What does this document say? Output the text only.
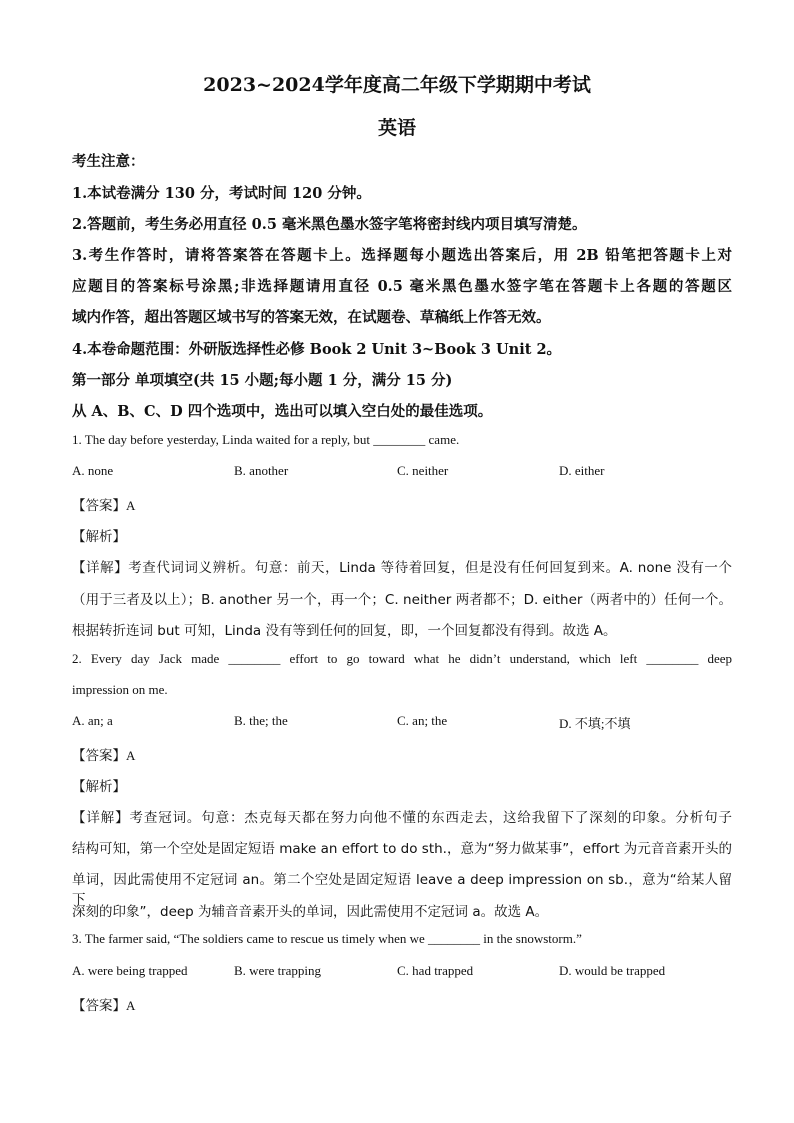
2023~2024学年度高二年级下学期期中考试
英语
考生注意：
1.本试卷满分 130 分，考试时间 120 分钟。
2.答题前，考生务必用直径 0.5 毫米黑色墨水签字笔将密封线内项目填写清楚。
3.考生作答时，请将答案答在答题卡上。选择题每小题选出答案后，用 2B 铅笔把答题卡上对
应题目的答案标号涂黑;非选择题请用直径 0.5 毫米黑色墨水签字笔在答题卡上各题的答题区
域内作答，超出答题区域书写的答案无效，在试题卷、草稿纸上作答无效。
4.本卷命题范围：外研版选择性必修 Book 2 Unit 3~Book 3 Unit 2。
第一部分 单项填空(共 15 小题;每小题 1 分，满分 15 分)
从 A、B、C、D 四个选项中，选出可以填入空白处的最佳选项。
1. The day before yesterday, Linda waited for a reply, but ________ came.
A. none	B. another	C. neither	D. either
【答案】A
【解析】
【详解】考查代词词义辨析。句意：前天，Linda 等待着回复，但是没有任何回复到来。A. none 没有一个
（用于三者及以上）；B. another 另一个，再一个；C. neither 两者都不；D. either（两者中的）任何一个。
根据转折连词 but 可知，Linda 没有等到任何的回复，即，一个回复都没有得到。故选 A。
2. Every day Jack made ________ effort to go toward what he didn’t understand, which left ________ deep
impression on me.
A. an; a	B. the; the	C. an; the	D. 不填;不填
【答案】A
【解析】
【详解】考查冠词。句意：杰克每天都在努力向他不懂的东西走去，这给我留下了深刻的印象。分析句子
结构可知，第一个空处是固定短语 make an effort to do sth.，意为“努力做某事”，effort 为元音音素开头的
单词，因此需使用不定冠词 an。第二个空处是固定短语 leave a deep impression on sb.，意为“给某人留下
深刻的印象”，deep 为辅音音素开头的单词，因此需使用不定冠词 a。故选 A。
3. The farmer said, “The soldiers came to rescue us timely when we ________ in the snowstorm.”
A. were being trapped	B. were trapping	C. had trapped	D. would be trapped
【答案】A
